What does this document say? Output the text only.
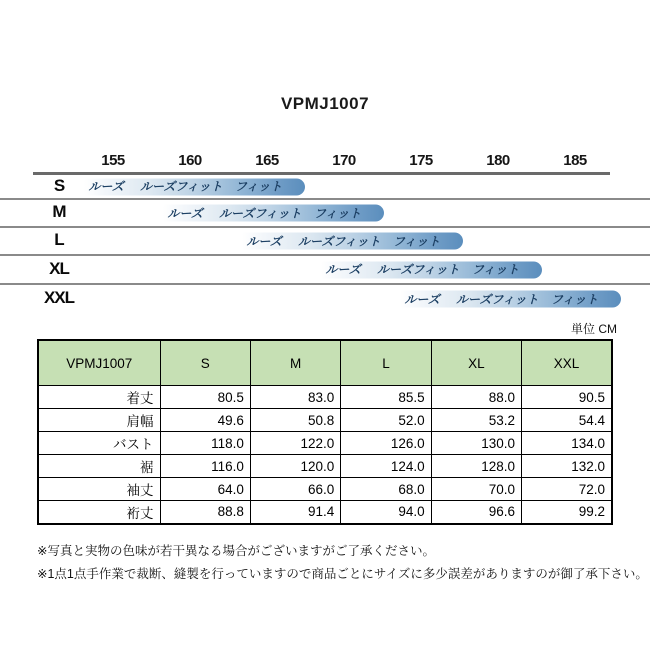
VPMJ1007
155	160	165	170	175	180	185
S	ルーズ ルーズフィット フィット
M	ルーズ ルーズフィット フィット
L	ルーズ ルーズフィット フィット
XL	ルーズ ルーズフィット フィット
XXL	ルーズ ルーズフィット フィット
単位 CM
VPMJ1007	S	M	L	XL	XXL
着丈	80.5	83.0	85.5	88.0	90.5
肩幅	49.6	50.8	52.0	53.2	54.4
バスト	118.0	122.0	126.0	130.0	134.0
裾	116.0	120.0	124.0	128.0	132.0
袖丈	64.0	66.0	68.0	70.0	72.0
裄丈	88.8	91.4	94.0	96.6	99.2
※写真と実物の色味が若干異なる場合がございますがご了承ください。
※1点1点手作業で裁断、縫製を行っていますので商品ごとにサイズに多少誤差がありますのが御了承下さい。
